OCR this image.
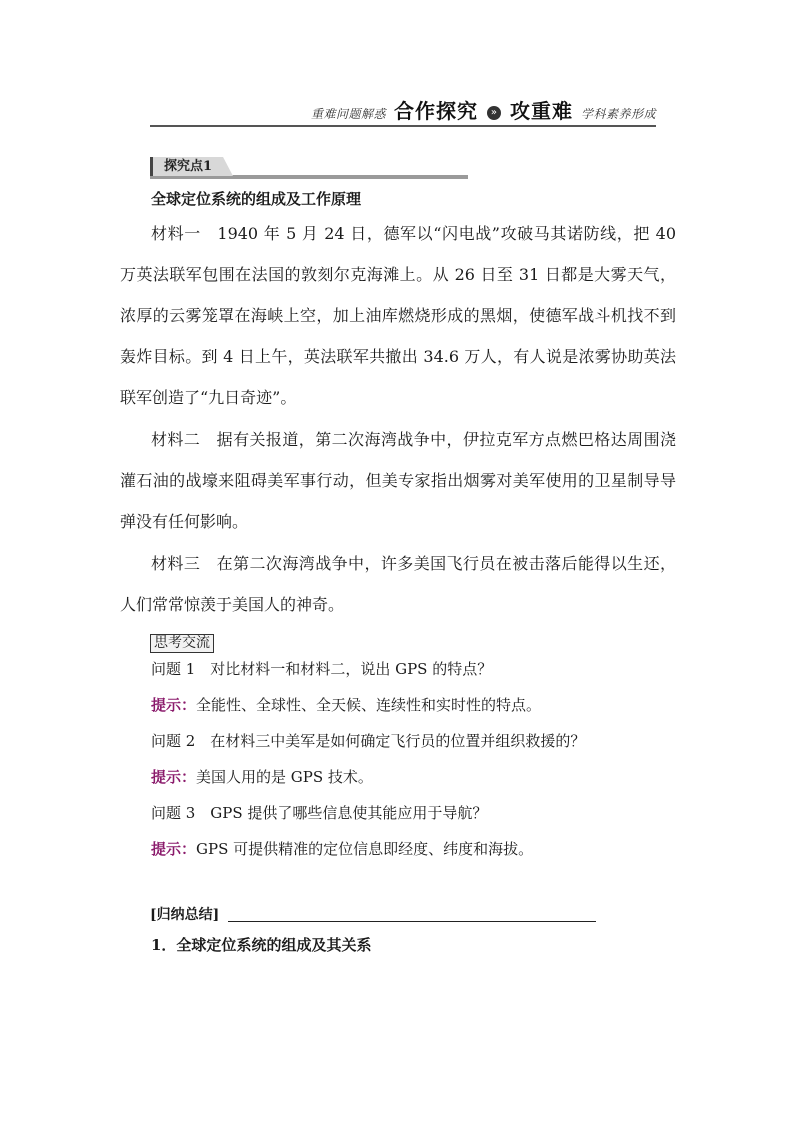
重难问题解惑 合作探究	» 攻重难 学科素养形成
探究点1
全球定位系统的组成及工作原理
材料一　1940 年 5 月 24 日，德军以“闪电战”攻破马其诺防线，把 40 万英法联军包围在法国的敦刻尔克海滩上。从 26 日至 31 日都是大雾天气，浓厚的云雾笼罩在海峡上空，加上油库燃烧形成的黑烟，使德军战斗机找不到轰炸目标。到 4 日上午，英法联军共撤出 34.6 万人，有人说是浓雾协助英法联军创造了“九日奇迹”。
材料二　据有关报道，第二次海湾战争中，伊拉克军方点燃巴格达周围浇灌石油的战壕来阻碍美军事行动，但美专家指出烟雾对美军使用的卫星制导导弹没有任何影响。
材料三　在第二次海湾战争中，许多美国飞行员在被击落后能得以生还，人们常常惊羡于美国人的神奇。
思考交流
问题 1　对比材料一和材料二，说出 GPS 的特点？
提示：全能性、全球性、全天候、连续性和实时性的特点。
问题 2　在材料三中美军是如何确定飞行员的位置并组织救援的？
提示：美国人用的是 GPS 技术。
问题 3　GPS 提供了哪些信息使其能应用于导航？
提示：GPS 可提供精准的定位信息即经度、纬度和海拔。
[归纳总结]
1．全球定位系统的组成及其关系
